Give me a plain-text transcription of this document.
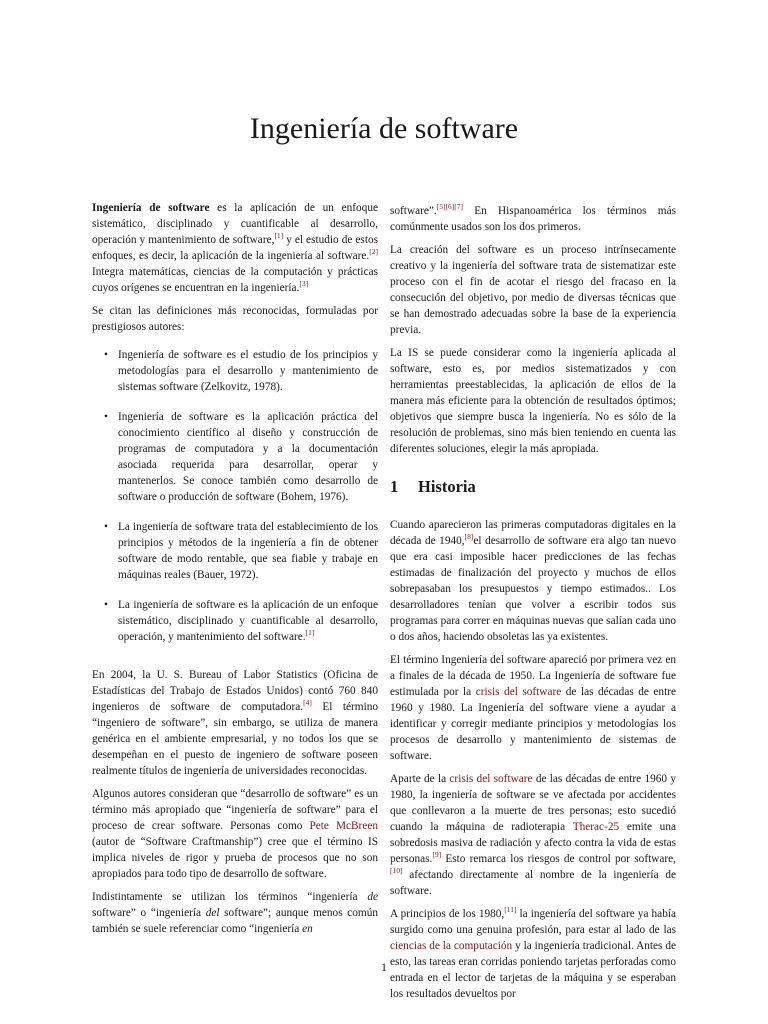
Ingeniería de software

Ingeniería de software es la aplicación de un enfoque sistemático, disciplinado y cuantificable al desarrollo, operación y mantenimiento de software,[1] y el estudio de estos enfoques, es decir, la aplicación de la ingeniería al software.[2] Integra matemáticas, ciencias de la computación y prácticas cuyos orígenes se encuentran en la ingeniería.[3]

Se citan las definiciones más reconocidas, formuladas por prestigiosos autores:

• Ingeniería de software es el estudio de los principios y metodologías para el desarrollo y mantenimiento de sistemas software (Zelkovitz, 1978).
• Ingeniería de software es la aplicación práctica del conocimiento científico al diseño y construcción de programas de computadora y a la documentación asociada requerida para desarrollar, operar y mantenerlos. Se conoce también como desarrollo de software o producción de software (Bohem, 1976).
• La ingeniería de software trata del establecimiento de los principios y métodos de la ingeniería a fin de obtener software de modo rentable, que sea fiable y trabaje en máquinas reales (Bauer, 1972).
• La ingeniería de software es la aplicación de un enfoque sistemático, disciplinado y cuantificable al desarrollo, operación, y mantenimiento del software.[1]

En 2004, la U. S. Bureau of Labor Statistics (Oficina de Estadísticas del Trabajo de Estados Unidos) contó 760 840 ingenieros de software de computadora.[4] El término “ingeniero de software”, sin embargo, se utiliza de manera genérica en el ambiente empresarial, y no todos los que se desempeñan en el puesto de ingeniero de software poseen realmente títulos de ingeniería de universidades reconocidas.

Algunos autores consideran que “desarrollo de software” es un término más apropiado que “ingeniería de software” para el proceso de crear software. Personas como Pete McBreen (autor de “Software Craftmanship”) cree que el término IS implica niveles de rigor y prueba de procesos que no son apropiados para todo tipo de desarrollo de software.

Indistintamente se utilizan los términos “ingeniería de software” o “ingeniería del software”; aunque menos común también se suele referenciar como “ingeniería en

software”.[5][6][7] En Hispanoamérica los términos más comúnmente usados son los dos primeros.

La creación del software es un proceso intrínsecamente creativo y la ingeniería del software trata de sistematizar este proceso con el fin de acotar el riesgo del fracaso en la consecución del objetivo, por medio de diversas técnicas que se han demostrado adecuadas sobre la base de la experiencia previa.

La IS se puede considerar como la ingeniería aplicada al software, esto es, por medios sistematizados y con herramientas preestablecidas, la aplicación de ellos de la manera más eficiente para la obtención de resultados óptimos; objetivos que siempre busca la ingeniería. No es sólo de la resolución de problemas, sino más bien teniendo en cuenta las diferentes soluciones, elegir la más apropiada.

1 Historia

Cuando aparecieron las primeras computadoras digitales en la década de 1940,[8]el desarrollo de software era algo tan nuevo que era casi imposible hacer predicciones de las fechas estimadas de finalización del proyecto y muchos de ellos sobrepasaban los presupuestos y tiempo estimados.. Los desarrolladores tenían que volver a escribir todos sus programas para correr en máquinas nuevas que salían cada uno o dos años, haciendo obsoletas las ya existentes.

El término Ingeniería del software apareció por primera vez en a finales de la década de 1950. La Ingeniería de software fue estimulada por la crisis del software de las décadas de entre 1960 y 1980. La Ingeniería del software viene a ayudar a identificar y corregir mediante principios y metodologías los procesos de desarrollo y mantenimiento de sistemas de software.

Aparte de la crisis del software de las décadas de entre 1960 y 1980, la ingeniería de software se ve afectada por accidentes que conllevaron a la muerte de tres personas; esto sucedió cuando la máquina de radioterapia Therac-25 emite una sobredosis masiva de radiación y afecto contra la vida de estas personas.[9] Esto remarca los riesgos de control por software,[10] afectando directamente al nombre de la ingeniería de software.

A principios de los 1980,[11] la ingeniería del software ya había surgido como una genuina profesión, para estar al lado de las ciencias de la computación y la ingeniería tradicional. Antes de esto, las tareas eran corridas poniendo tarjetas perforadas como entrada en el lector de tarjetas de la máquina y se esperaban los resultados devueltos por

1
